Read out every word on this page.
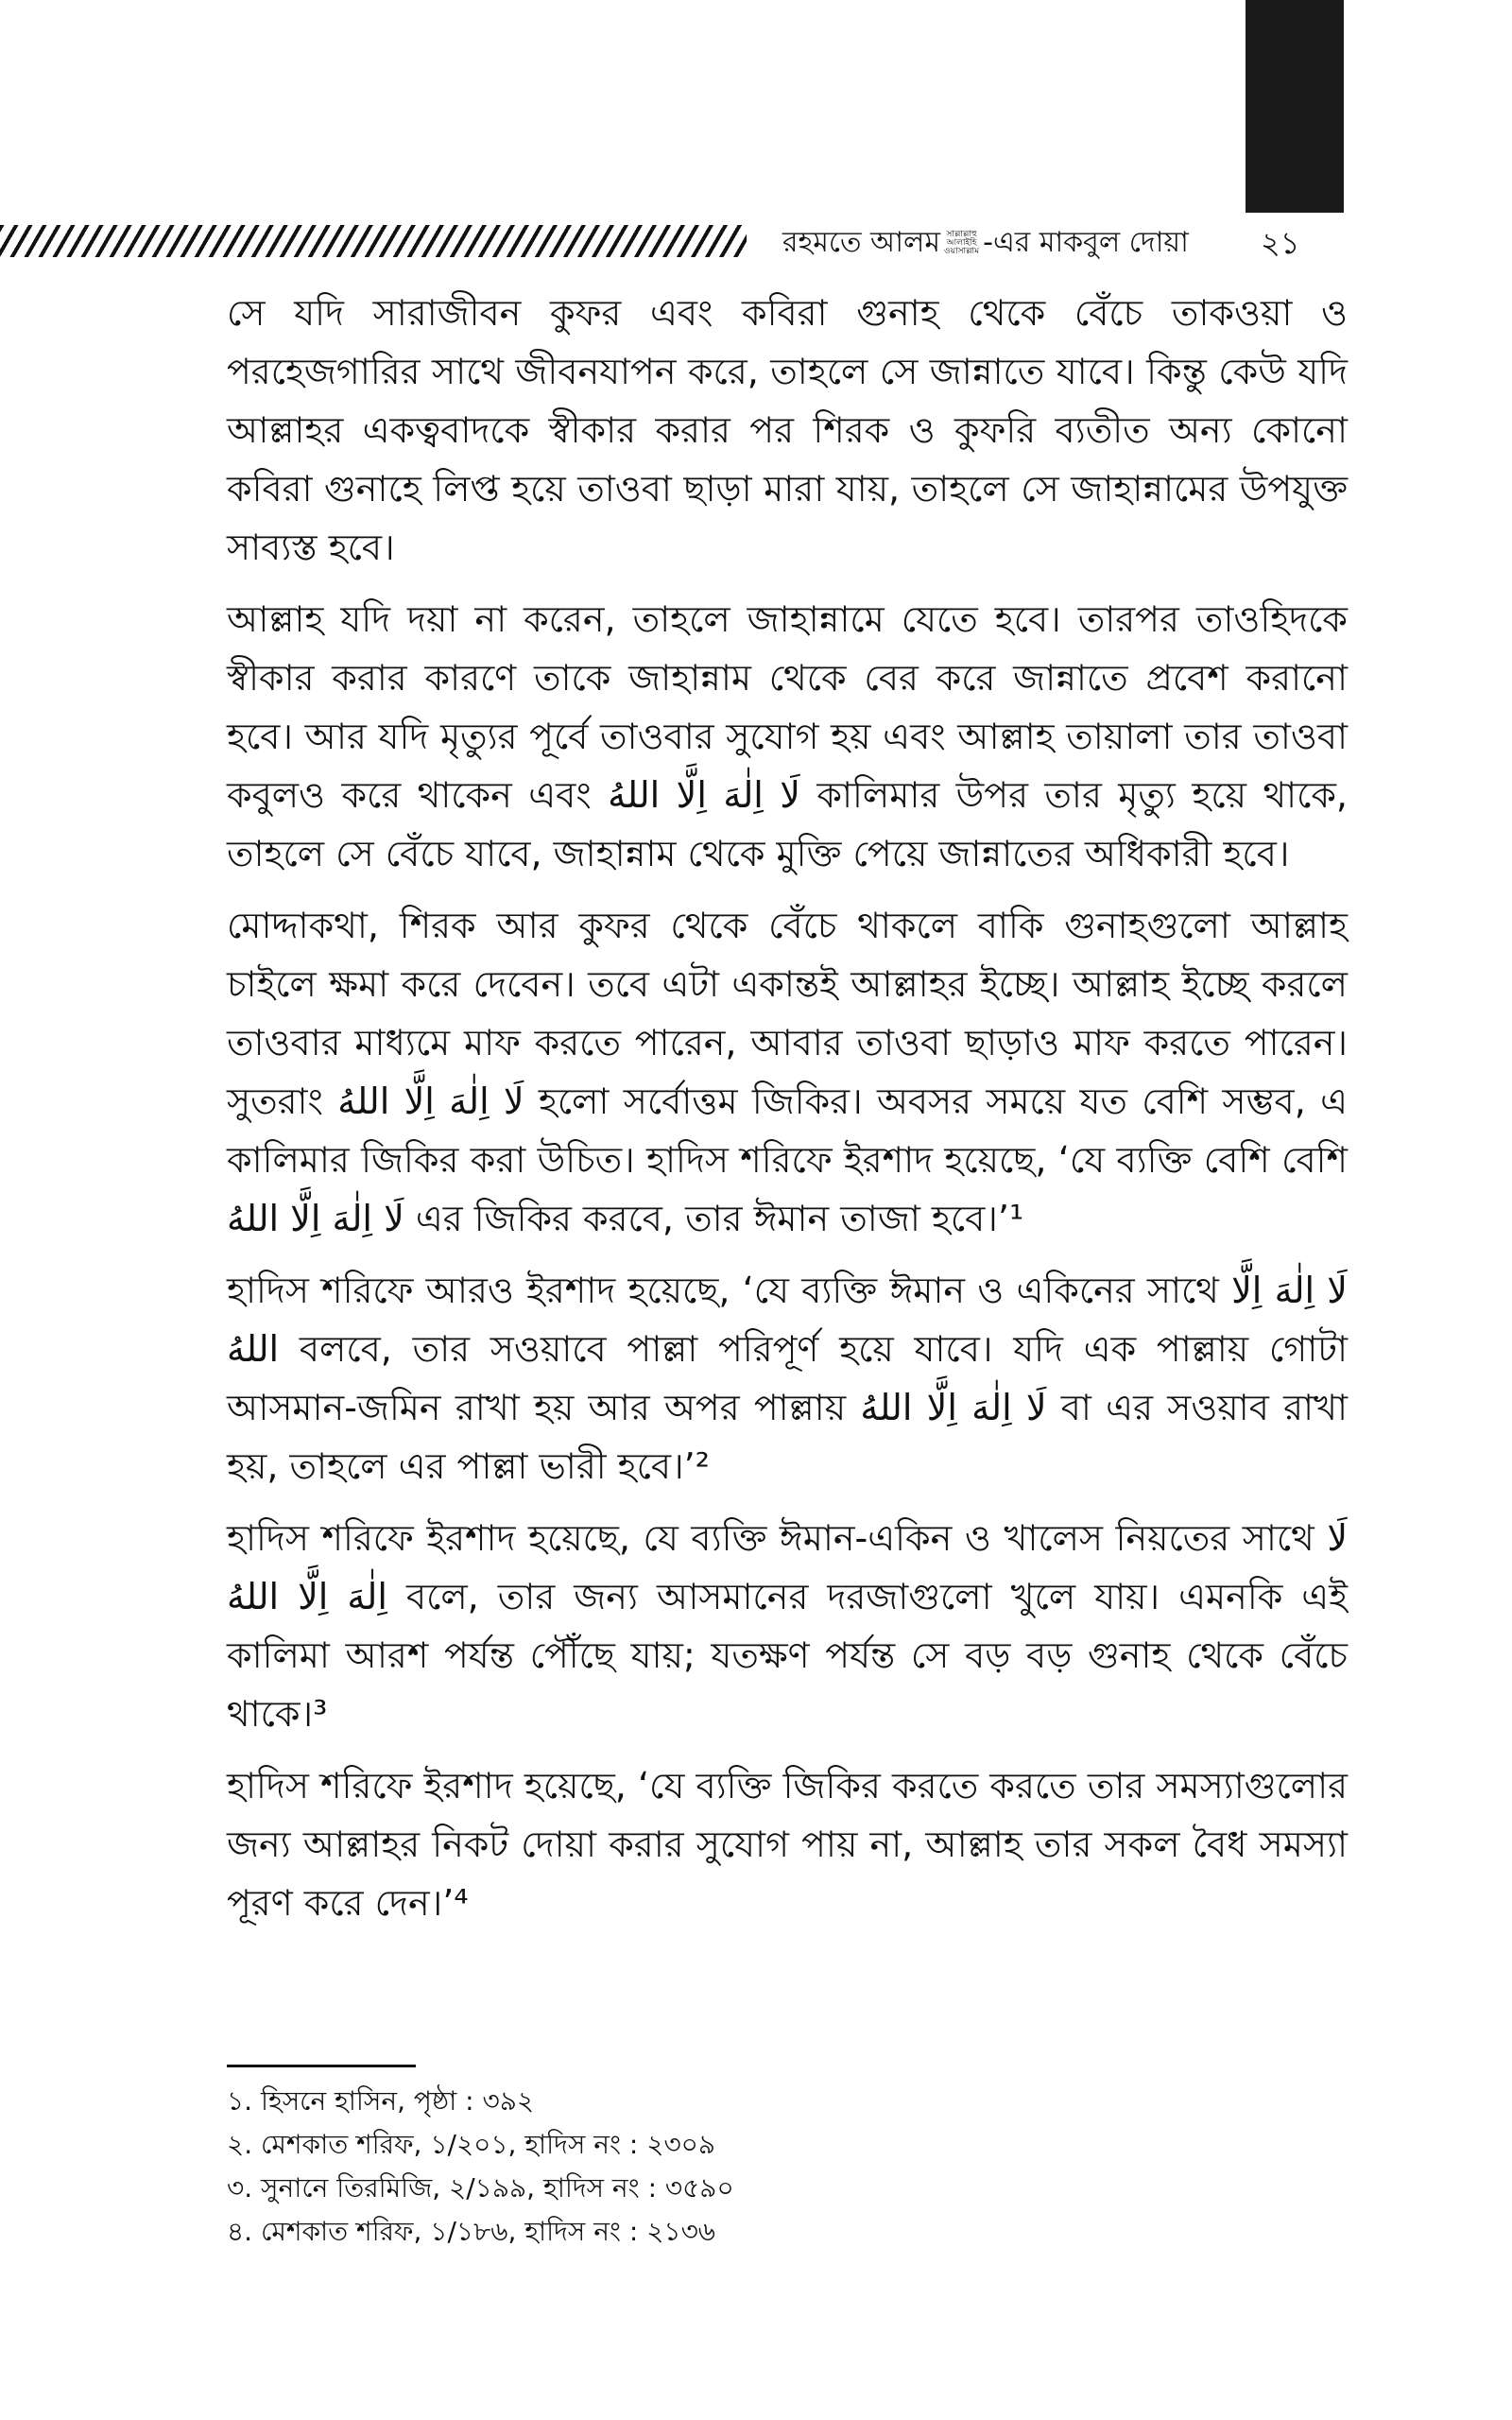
রহমতে আলম সাল্লাল্লাহু
আলাইহি
ওয়াসাল্লাম -এর মাকবুল দোয়া ২১

সে যদি সারাজীবন কুফর এবং কবিরা গুনাহ থেকে বেঁচে তাকওয়া ও পরহেজগারির সাথে জীবনযাপন করে, তাহলে সে জান্নাতে যাবে। কিন্তু কেউ যদি আল্লাহর একত্ববাদকে স্বীকার করার পর শিরক ও কুফরি ব্যতীত অন্য কোনো কবিরা গুনাহে লিপ্ত হয়ে তাওবা ছাড়া মারা যায়, তাহলে সে জাহান্নামের উপযুক্ত সাব্যস্ত হবে।

আল্লাহ যদি দয়া না করেন, তাহলে জাহান্নামে যেতে হবে। তারপর তাওহিদকে স্বীকার করার কারণে তাকে জাহান্নাম থেকে বের করে জান্নাতে প্রবেশ করানো হবে। আর যদি মৃত্যুর পূর্বে তাওবার সুযোগ হয় এবং আল্লাহ তায়ালা তার তাওবা কবুলও করে থাকেন এবং لَا اِلٰهَ اِلَّا اللهُ কালিমার উপর তার মৃত্যু হয়ে থাকে, তাহলে সে বেঁচে যাবে, জাহান্নাম থেকে মুক্তি পেয়ে জান্নাতের অধিকারী হবে।

মোদ্দাকথা, শিরক আর কুফর থেকে বেঁচে থাকলে বাকি গুনাহগুলো আল্লাহ চাইলে ক্ষমা করে দেবেন। তবে এটা একান্তই আল্লাহর ইচ্ছে। আল্লাহ ইচ্ছে করলে তাওবার মাধ্যমে মাফ করতে পারেন, আবার তাওবা ছাড়াও মাফ করতে পারেন। সুতরাং لَا اِلٰهَ اِلَّا اللهُ হলো সর্বোত্তম জিকির। অবসর সময়ে যত বেশি সম্ভব, এ কালিমার জিকির করা উচিত। হাদিস শরিফে ইরশাদ হয়েছে, ‘যে ব্যক্তি বেশি বেশি لَا اِلٰهَ اِلَّا اللهُ এর জিকির করবে, তার ঈমান তাজা হবে।’¹

হাদিস শরিফে আরও ইরশাদ হয়েছে, ‘যে ব্যক্তি ঈমান ও একিনের সাথে لَا اِلٰهَ اِلَّا اللهُ বলবে, তার সওয়াবে পাল্লা পরিপূর্ণ হয়ে যাবে। যদি এক পাল্লায় গোটা আসমান-জমিন রাখা হয় আর অপর পাল্লায় لَا اِلٰهَ اِلَّا اللهُ বা এর সওয়াব রাখা হয়, তাহলে এর পাল্লা ভারী হবে।’²

হাদিস শরিফে ইরশাদ হয়েছে, যে ব্যক্তি ঈমান-একিন ও খালেস নিয়তের সাথে لَا اِلٰهَ اِلَّا اللهُ বলে, তার জন্য আসমানের দরজাগুলো খুলে যায়। এমনকি এই কালিমা আরশ পর্যন্ত পৌঁছে যায়; যতক্ষণ পর্যন্ত সে বড় বড় গুনাহ থেকে বেঁচে থাকে।³

হাদিস শরিফে ইরশাদ হয়েছে, ‘যে ব্যক্তি জিকির করতে করতে তার সমস্যাগুলোর জন্য আল্লাহর নিকট দোয়া করার সুযোগ পায় না, আল্লাহ তার সকল বৈধ সমস্যা পূরণ করে দেন।’⁴

১. হিসনে হাসিন, পৃষ্ঠা : ৩৯২

২. মেশকাত শরিফ, ১/২০১, হাদিস নং : ২৩০৯

৩. সুনানে তিরমিজি, ২/১৯৯, হাদিস নং : ৩৫৯০

৪. মেশকাত শরিফ, ১/১৮৬, হাদিস নং : ২১৩৬
